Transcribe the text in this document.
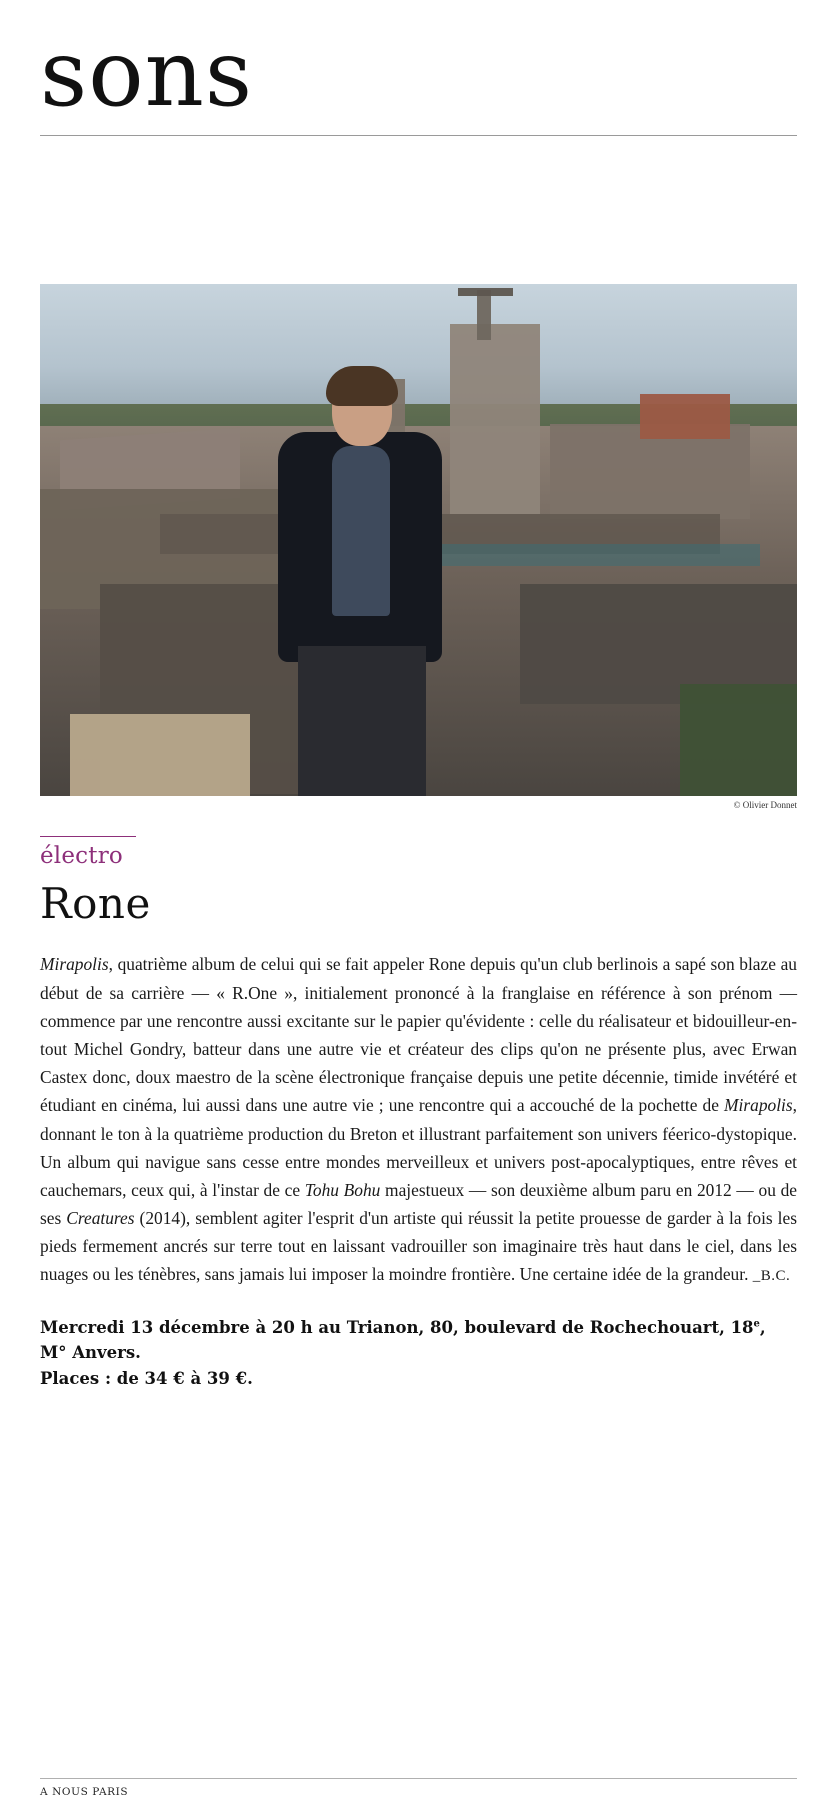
sons
© Olivier Donnet

électro

Rone

Mirapolis, quatrième album de celui qui se fait appeler Rone depuis qu'un club berlinois a sapé son blaze au début de sa carrière — « R.One », initialement prononcé à la franglaise en référence à son prénom — commence par une rencontre aussi excitante sur le papier qu'évidente : celle du réalisateur et bidouilleur-en-tout Michel Gondry, batteur dans une autre vie et créateur des clips qu'on ne présente plus, avec Erwan Castex donc, doux maestro de la scène électronique française depuis une petite décennie, timide invétéré et étudiant en cinéma, lui aussi dans une autre vie ; une rencontre qui a accouché de la pochette de Mirapolis, donnant le ton à la quatrième production du Breton et illustrant parfaitement son univers féerico-dystopique. Un album qui navigue sans cesse entre mondes merveilleux et univers post-apocalyptiques, entre rêves et cauchemars, ceux qui, à l'instar de ce Tohu Bohu majestueux — son deuxième album paru en 2012 — ou de ses Creatures (2014), semblent agiter l'esprit d'un artiste qui réussit la petite prouesse de garder à la fois les pieds fermement ancrés sur terre tout en laissant vadrouiller son imaginaire très haut dans le ciel, dans les nuages ou les ténèbres, sans jamais lui imposer la moindre frontière. Une certaine idée de la grandeur. _B.C.

Mercredi 13 décembre à 20 h au Trianon, 80, boulevard de Rochechouart, 18e, M° Anvers.
Places : de 34 € à 39 €.
A NOUS PARIS
